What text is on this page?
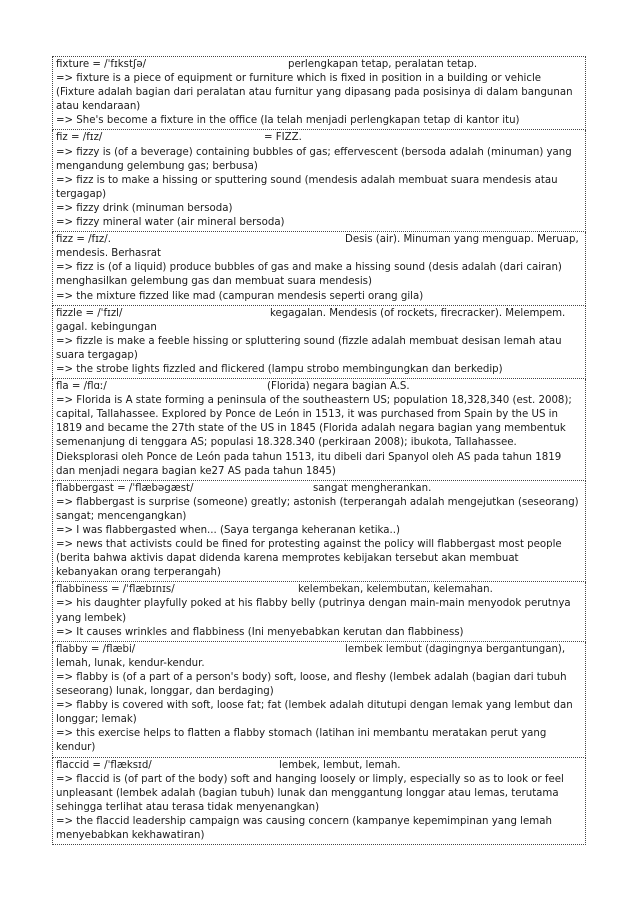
fixture = /ˈfɪkstʃə/	perlengkapan tetap, peralatan tetap.
=> fixture is a piece of equipment or furniture which is fixed in position in a building or vehicle (Fixture adalah bagian dari peralatan atau furnitur yang dipasang pada posisinya di dalam bangunan atau kendaraan)
=> She's become a fixture in the office (Ia telah menjadi perlengkapan tetap di kantor itu)
fiz = /fɪz/	= FIZZ.
=> fizzy is (of a beverage) containing bubbles of gas; effervescent (bersoda adalah (minuman) yang mengandung gelembung gas; berbusa)
=> fizz is to make a hissing or sputtering sound (mendesis adalah membuat suara mendesis atau tergagap)
=> fizzy drink (minuman bersoda)
=> fizzy mineral water (air mineral bersoda)
fizz = /fɪz/.	Desis (air). Minuman yang menguap. Meruap, mendesis. Berhasrat
=> fizz is (of a liquid) produce bubbles of gas and make a hissing sound (desis adalah (dari cairan) menghasilkan gelembung gas dan membuat suara mendesis)
=> the mixture fizzed like mad (campuran mendesis seperti orang gila)
fizzle = /ˈfɪzl/	kegagalan. Mendesis (of rockets, firecracker). Melempem. gagal. kebingungan
=> fizzle is make a feeble hissing or spluttering sound (fizzle adalah membuat desisan lemah atau suara tergagap)
=> the strobe lights fizzled and flickered (lampu strobo membingungkan dan berkedip)
fla = /flɑː/	(Florida) negara bagian A.S.
=> Florida is A state forming a peninsula of the southeastern US; population 18,328,340 (est. 2008); capital, Tallahassee. Explored by Ponce de León in 1513, it was purchased from Spain by the US in 1819 and became the 27th state of the US in 1845 (Florida adalah negara bagian yang membentuk semenanjung di tenggara AS; populasi 18.328.340 (perkiraan 2008); ibukota, Tallahassee. Dieksplorasi oleh Ponce de León pada tahun 1513, itu dibeli dari Spanyol oleh AS pada tahun 1819 dan menjadi negara bagian ke27 AS pada tahun 1845)
flabbergast = /ˈflæbəgæst/	sangat mengherankan.
=> flabbergast is surprise (someone) greatly; astonish (terperangah adalah mengejutkan (seseorang) sangat; mencengangkan)
=> I was flabbergasted when... (Saya terganga keheranan ketika..)
=> news that activists could be fined for protesting against the policy will flabbergast most people (berita bahwa aktivis dapat didenda karena memprotes kebijakan tersebut akan membuat kebanyakan orang terperangah)
flabbiness = /ˈflæbɪnɪs/	kelembekan, kelembutan, kelemahan.
=> his daughter playfully poked at his flabby belly (putrinya dengan main-main menyodok perutnya yang lembek)
=> It causes wrinkles and flabbiness (Ini menyebabkan kerutan dan flabbiness)
flabby = /flæbi/	lembek lembut (dagingnya bergantungan), lemah, lunak, kendur-kendur.
=> flabby is (of a part of a person's body) soft, loose, and fleshy (lembek adalah (bagian dari tubuh seseorang) lunak, longgar, dan berdaging)
=> flabby is covered with soft, loose fat; fat (lembek adalah ditutupi dengan lemak yang lembut dan longgar; lemak)
=> this exercise helps to flatten a flabby stomach (latihan ini membantu meratakan perut yang kendur)
flaccid = /ˈflæksɪd/	lembek, lembut, lemah.
=> flaccid is (of part of the body) soft and hanging loosely or limply, especially so as to look or feel unpleasant (lembek adalah (bagian tubuh) lunak dan menggantung longgar atau lemas, terutama sehingga terlihat atau terasa tidak menyenangkan)
=> the flaccid leadership campaign was causing concern (kampanye kepemimpinan yang lemah menyebabkan kekhawatiran)
